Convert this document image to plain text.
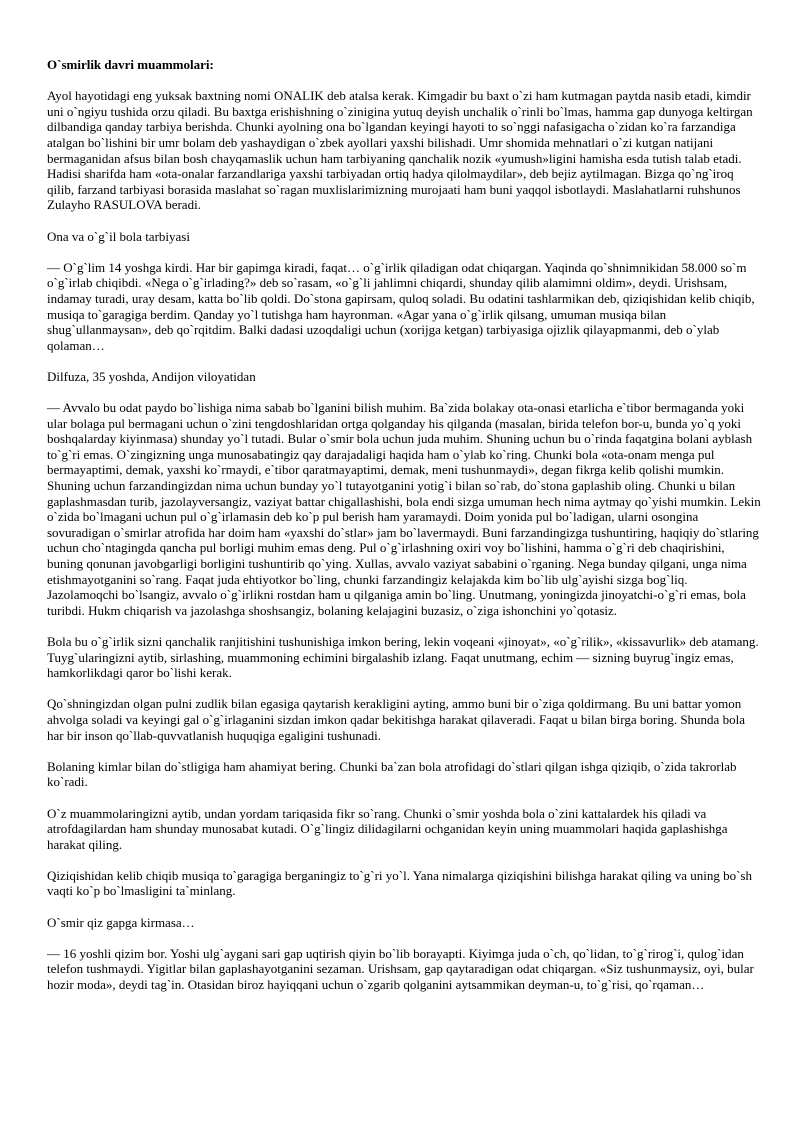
O`smirlik davri muammolari:

Ayol hayotidagi eng yuksak baxtning nomi ONALIK deb atalsa kerak. Kimgadir bu baxt o`zi ham kutmagan paytda nasib etadi, kimdir uni o`ngiyu tushida orzu qiladi. Bu baxtga erishishning o`zinigina yutuq deyish unchalik o`rinli bo`lmas, hamma gap dunyoga keltirgan dilbandiga qanday tarbiya berishda. Chunki ayolning ona bo`lgandan keyingi hayoti to so`nggi nafasigacha o`zidan ko`ra farzandiga atalgan bo`lishini bir umr bolam deb yashaydigan o`zbek ayollari yaxshi bilishadi. Umr shomida mehnatlari o`zi kutgan natijani bermaganidan afsus bilan bosh chayqamaslik uchun ham tarbiyaning qanchalik nozik «yumush»ligini hamisha esda tutish talab etadi. Hadisi sharifda ham «ota-onalar farzandlariga yaxshi tarbiyadan ortiq hadya qilolmaydilar», deb bejiz aytilmagan. Bizga qo`ng`iroq qilib, farzand tarbiyasi borasida maslahat so`ragan muxlislarimizning murojaati ham buni yaqqol isbotlaydi. Maslahatlarni ruhshunos Zulayho RASULOVA beradi.

Ona va o`g`il bola tarbiyasi

— O`g`lim 14 yoshga kirdi. Har bir gapimga kiradi, faqat… o`g`irlik qiladigan odat chiqargan. Yaqinda qo`shnimnikidan 58.000 so`m o`g`irlab chiqibdi. «Nega o`g`irlading?» deb so`rasam, «o`g`li jahlimni chiqardi, shunday qilib alamimni oldim», deydi. Urishsam, indamay turadi, uray desam, katta bo`lib qoldi. Do`stona gapirsam, quloq soladi. Bu odatini tashlarmikan deb, qiziqishidan kelib chiqib, musiqa to`garagiga berdim. Qanday yo`l tutishga ham hayronman. «Agar yana o`g`irlik qilsang, umuman musiqa bilan shug`ullanmaysan», deb qo`rqitdim. Balki dadasi uzoqdaligi uchun (xorijga ketgan) tarbiyasiga ojizlik qilayapmanmi, deb o`ylab qolaman…

Dilfuza, 35 yoshda, Andijon viloyatidan

— Avvalo bu odat paydo bo`lishiga nima sabab bo`lganini bilish muhim. Ba`zida bolakay ota-onasi etarlicha e`tibor bermaganda yoki ular bolaga pul bermagani uchun o`zini tengdoshlaridan ortga qolganday his qilganda (masalan, birida telefon bor-u, bunda yo`q yoki boshqalarday kiyinmasa) shunday yo`l tutadi. Bular o`smir bola uchun juda muhim. Shuning uchun bu o`rinda faqatgina bolani ayblash to`g`ri emas. O`zingizning unga munosabatingiz qay darajadaligi haqida ham o`ylab ko`ring. Chunki bola «ota-onam menga pul bermayaptimi, demak, yaxshi ko`rmaydi, e`tibor qaratmayaptimi, demak, meni tushunmaydi», degan fikrga kelib qolishi mumkin. Shuning uchun farzandingizdan nima uchun bunday yo`l tutayotganini yotig`i bilan so`rab, do`stona gaplashib oling. Chunki u bilan gaplashmasdan turib, jazolayversangiz, vaziyat battar chigallashishi, bola endi sizga umuman hech nima aytmay qo`yishi mumkin. Lekin o`zida bo`lmagani uchun pul o`g`irlamasin deb ko`p pul berish ham yaramaydi. Doim yonida pul bo`ladigan, ularni osongina sovuradigan o`smirlar atrofida har doim ham «yaxshi do`stlar» jam bo`lavermaydi. Buni farzandingizga tushuntiring, haqiqiy do`stlaring uchun cho`ntagingda qancha pul borligi muhim emas deng. Pul o`g`irlashning oxiri voy bo`lishini, hamma o`g`ri deb chaqirishini, buning qonunan javobgarligi borligini tushuntirib qo`ying. Xullas, avvalo vaziyat sababini o`rganing. Nega bunday qilgani, unga nima etishmayotganini so`rang. Faqat juda ehtiyotkor bo`ling, chunki farzandingiz kelajakda kim bo`lib ulg`ayishi sizga bog`liq. Jazolamoqchi bo`lsangiz, avvalo o`g`irlikni rostdan ham u qilganiga amin bo`ling. Unutmang, yoningizda jinoyatchi-o`g`ri emas, bola turibdi. Hukm chiqarish va jazolashga shoshsangiz, bolaning kelajagini buzasiz, o`ziga ishonchini yo`qotasiz.

Bola bu o`g`irlik sizni qanchalik ranjitishini tushunishiga imkon bering, lekin voqeani «jinoyat», «o`g`rilik», «kissavurlik» deb atamang. Tuyg`ularingizni aytib, sirlashing, muammoning echimini birgalashib izlang. Faqat unutmang, echim — sizning buyrug`ingiz emas, hamkorlikdagi qaror bo`lishi kerak.

Qo`shningizdan olgan pulni zudlik bilan egasiga qaytarish kerakligini ayting, ammo buni bir o`ziga qoldirmang. Bu uni battar yomon ahvolga soladi va keyingi gal o`g`irlaganini sizdan imkon qadar bekitishga harakat qilaveradi. Faqat u bilan birga boring. Shunda bola har bir inson qo`llab-quvvatlanish huquqiga egaligini tushunadi.

Bolaning kimlar bilan do`stligiga ham ahamiyat bering. Chunki ba`zan bola atrofidagi do`stlari qilgan ishga qiziqib, o`zida takrorlab ko`radi.

O`z muammolaringizni aytib, undan yordam tariqasida fikr so`rang. Chunki o`smir yoshda bola o`zini kattalardek his qiladi va atrofdagilardan ham shunday munosabat kutadi. O`g`lingiz dilidagilarni ochganidan keyin uning muammolari haqida gaplashishga harakat qiling.

Qiziqishidan kelib chiqib musiqa to`garagiga berganingiz to`g`ri yo`l. Yana nimalarga qiziqishini bilishga harakat qiling va uning bo`sh vaqti ko`p bo`lmasligini ta`minlang.

O`smir qiz gapga kirmasa…

— 16 yoshli qizim bor. Yoshi ulg`aygani sari gap uqtirish qiyin bo`lib borayapti. Kiyimga juda o`ch, qo`lidan, to`g`rirog`i, qulog`idan telefon tushmaydi. Yigitlar bilan gaplashayotganini sezaman. Urishsam, gap qaytaradigan odat chiqargan. «Siz tushunmaysiz, oyi, bular hozir moda», deydi tag`in. Otasidan biroz hayiqqani uchun o`zgarib qolganini aytsammikan deyman-u, to`g`risi, qo`rqaman…
